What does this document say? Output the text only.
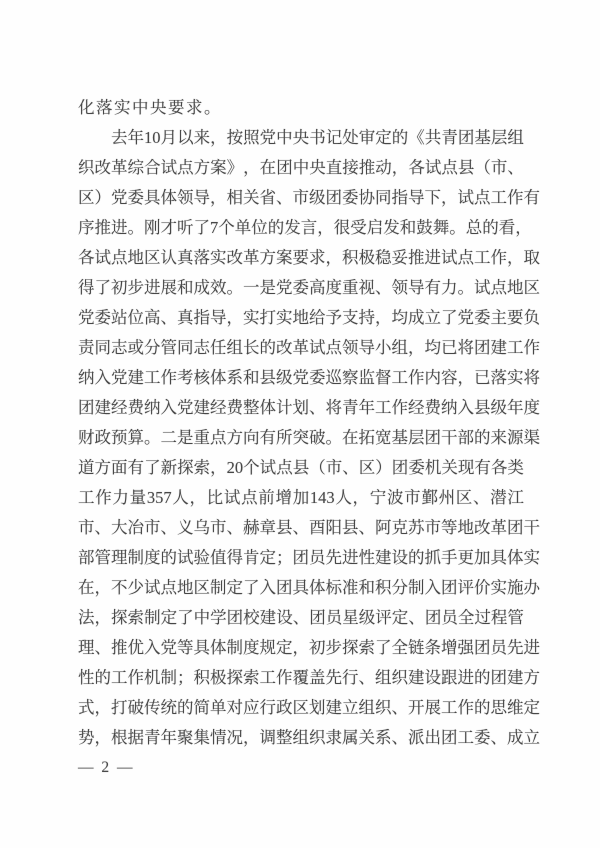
化落实中央要求。
去 年 10 月 以 来 ， 按 照 党 中 央 书 记 处 审 定 的 《 共 青 团 基 层 组
织 改 革 综 合 试 点 方 案 》 ， 在 团 中 央 直 接 推 动 ， 各 试 点 县 （ 市 、
区 ） 党 委 具 体 领 导 ， 相 关 省 、 市 级 团 委 协 同 指 导 下 ， 试 点 工 作 有
序 推 进 。 刚 才 听 了 7 个 单 位 的 发 言 ， 很 受 启 发 和 鼓 舞 。 总 的 看 ，
各 试 点 地 区 认 真 落 实 改 革 方 案 要 求 ， 积 极 稳 妥 推 进 试 点 工 作 ， 取
得 了 初 步 进 展 和 成 效 。 一 是 党 委 高 度 重 视 、 领 导 有 力 。 试 点 地 区
党 委 站 位 高 、 真 指 导 ， 实 打 实 地 给 予 支 持 ， 均 成 立 了 党 委 主 要 负
责 同 志 或 分 管 同 志 任 组 长 的 改 革 试 点 领 导 小 组 ， 均 已 将 团 建 工 作
纳 入 党 建 工 作 考 核 体 系 和 县 级 党 委 巡 察 监 督 工 作 内 容 ， 已 落 实 将
团 建 经 费 纳 入 党 建 经 费 整 体 计 划 、 将 青 年 工 作 经 费 纳 入 县 级 年 度
财 政 预 算 。 二 是 重 点 方 向 有 所 突 破 。 在 拓 宽 基 层 团 干 部 的 来 源 渠
道 方 面 有 了 新 探 索 ， 20 个 试 点 县 （ 市 、 区 ） 团 委 机 关 现 有 各 类
工 作 力 量 357 人 ， 比 试 点 前 增 加 143 人 ， 宁 波 市 鄞 州 区 、 潜 江
市 、 大 冶 市 、 义 乌 市 、 赫 章 县 、 酉 阳 县 、 阿 克 苏 市 等 地 改 革 团 干
部 管 理 制 度 的 试 验 值 得 肯 定 ； 团 员 先 进 性 建 设 的 抓 手 更 加 具 体 实
在 ， 不 少 试 点 地 区 制 定 了 入 团 具 体 标 准 和 积 分 制 入 团 评 价 实 施 办
法 ， 探 索 制 定 了 中 学 团 校 建 设 、 团 员 星 级 评 定 、 团 员 全 过 程 管
理 、 推 优 入 党 等 具 体 制 度 规 定 ， 初 步 探 索 了 全 链 条 增 强 团 员 先 进
性 的 工 作 机 制 ； 积 极 探 索 工 作 覆 盖 先 行 、 组 织 建 设 跟 进 的 团 建 方
式 ， 打 破 传 统 的 简 单 对 应 行 政 区 划 建 立 组 织 、 开 展 工 作 的 思 维 定
势 ， 根 据 青 年 聚 集 情 况 ， 调 整 组 织 隶 属 关 系 、 派 出 团 工 委 、 成 立
— 2 —
